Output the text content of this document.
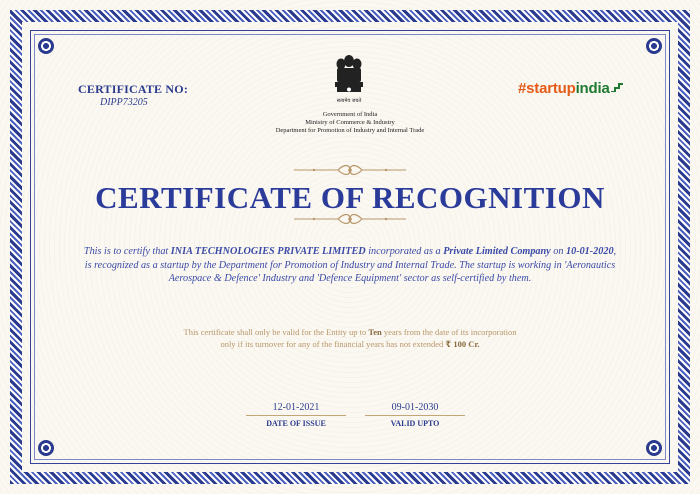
CERTIFICATE NO:
DIPP73205	सत्यमेव जयते
Government of India
Ministry of Commerce & Industry
Department for Promotion of Industry and Internal Trade
#startupindia
CERTIFICATE OF RECOGNITION
This is to certify that INIA TECHNOLOGIES PRIVATE LIMITED incorporated as a Private Limited Company on 10-01-2020, is recognized as a startup by the Department for Promotion of Industry and Internal Trade. The startup is working in 'Aeronautics Aerospace & Defence' Industry and 'Defence Equipment' sector as self-certified by them.
This certificate shall only be valid for the Entity up to Ten years from the date of its incorporation
only if its turnover for any of the financial years has not extended ₹ 100 Cr.
12-01-2021
DATE OF ISSUE
09-01-2030
VALID UPTO
